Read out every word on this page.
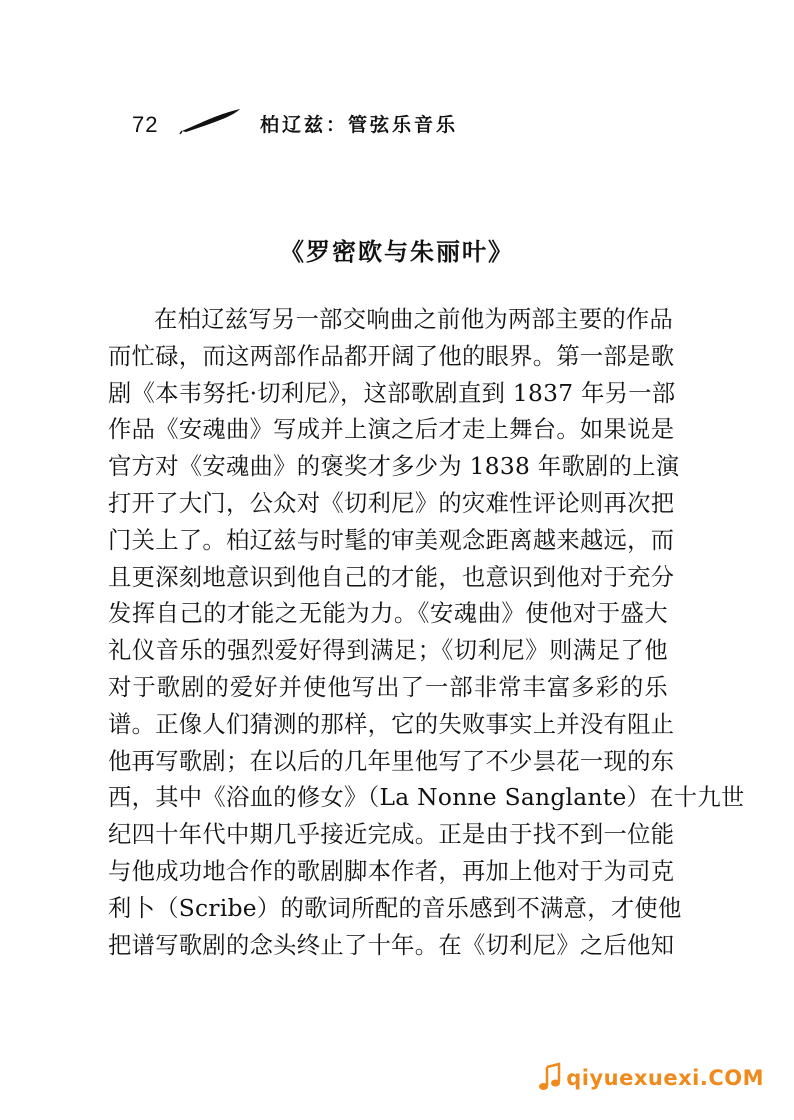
72	柏辽兹：管弦乐音乐
《罗密欧与朱丽叶》
在柏辽兹写另一部交响曲之前他为两部主要的作品
而忙碌，而这两部作品都开阔了他的眼界。第一部是歌
剧《本韦努托·切利尼》，这部歌剧直到 1837 年另一部
作品《安魂曲》写成并上演之后才走上舞台。如果说是
官方对《安魂曲》的褒奖才多少为 1838 年歌剧的上演
打开了大门，公众对《切利尼》的灾难性评论则再次把
门关上了。柏辽兹与时髦的审美观念距离越来越远，而
且更深刻地意识到他自己的才能，也意识到他对于充分
发挥自己的才能之无能为力。《安魂曲》使他对于盛大
礼仪音乐的强烈爱好得到满足；《切利尼》则满足了他
对于歌剧的爱好并使他写出了一部非常丰富多彩的乐
谱。正像人们猜测的那样，它的失败事实上并没有阻止
他再写歌剧；在以后的几年里他写了不少昙花一现的东
西，其中《浴血的修女》（La Nonne Sanglante）在十九世
纪四十年代中期几乎接近完成。正是由于找不到一位能
与他成功地合作的歌剧脚本作者，再加上他对于为司克
利卜（Scribe）的歌词所配的音乐感到不满意，才使他
把谱写歌剧的念头终止了十年。在《切利尼》之后他知
qiyuexuexi.COM
